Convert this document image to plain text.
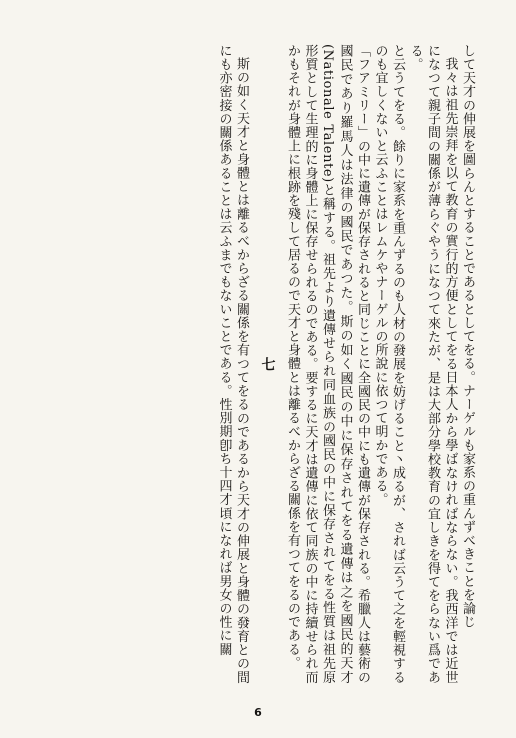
して天才の伸展を圖らんとすることであるとしてをる。ナーゲルも家系の重んずべきことを論じ

我々は祖先崇拜を以て教育の實行的方便としてをる日本人から學ばなければならない。我西洋では近世になつて親子間の關係が薄らぐやうになつて來たが、是は大部分學校教育の宜しきを得てをらない爲である。

と云うてをる。餘りに家系を重んずるのも人材の發展を妨げること丶成るが、されば云うて之を輕視するのも宜しくないと云ふことはレムケやナーゲルの所說に依つて明かである。

「フアミリー」の中に遺傳が保存されると同じことに全國民の中にも遺傳が保存される。希臘人は藝術の國民であり羅馬人は法律の國民であつた。斯の如く國民の中に保存されてをる遺傳は之を國民的天才(Nationale Talente)と稱する。祖先より遺傳せられ同血族の國民の中に保存されてをる性質は祖先原形質として生理的に身體上に保存せられるのである。要するに天才は遺傳に依て同族の中に持續せられ而かもそれが身體上に根跡を殘して居るので天才と身體とは離るべからざる關係を有つてをるのである。

七

斯の如く天才と身體とは離るべからざる關係を有つてをるのであるから天才の伸展と身體の發育との間にも亦密接の關係あることは云ふまでもないことである。性別期卽ち十四才頃になれば男女の性に關

6
